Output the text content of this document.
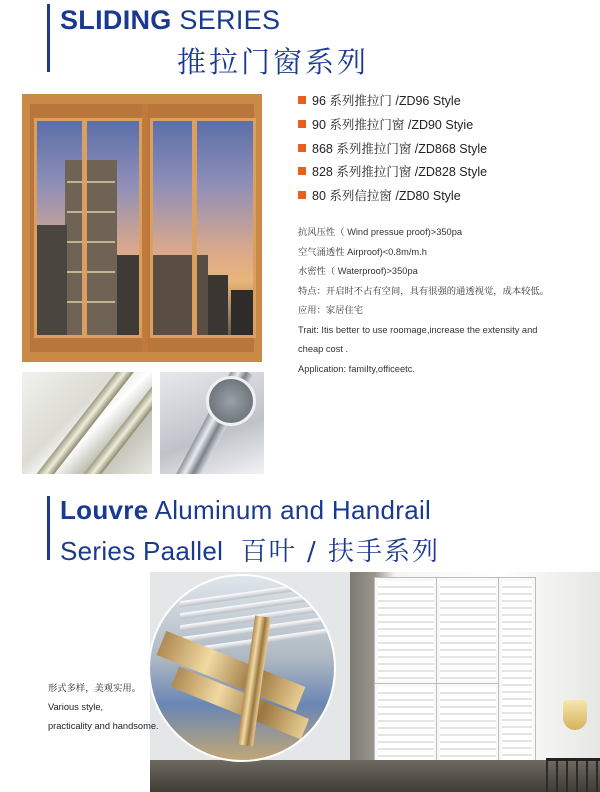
SLIDING SERIES
推拉门窗系列
96 系列推拉门 /ZD96 Style
90 系列推拉门窗 /ZD90 Styie
868 系列推拉门窗 /ZD868 Style
828 系列推拉门窗 /ZD828 Style
80 系列信拉窗 /ZD80 Style
抗风压性（ Wind pressue proof)>350pa
空气涌透性 Airproof)<0.8m/m.h
水密性（ Waterproof)>350pa
特点：开启时不占有空间，具有很强的通透视觉，成本较低。
应用：家居住宅
Trait: Itis better to use roomage,increase the extensity and
cheap cost .
Application: famiIty,officeetc.
Louvre Aluminum and Handrail
Series Paallel 百叶 / 扶手系列
形式多样，美观实用。
Various style,
practicality and handsome.
